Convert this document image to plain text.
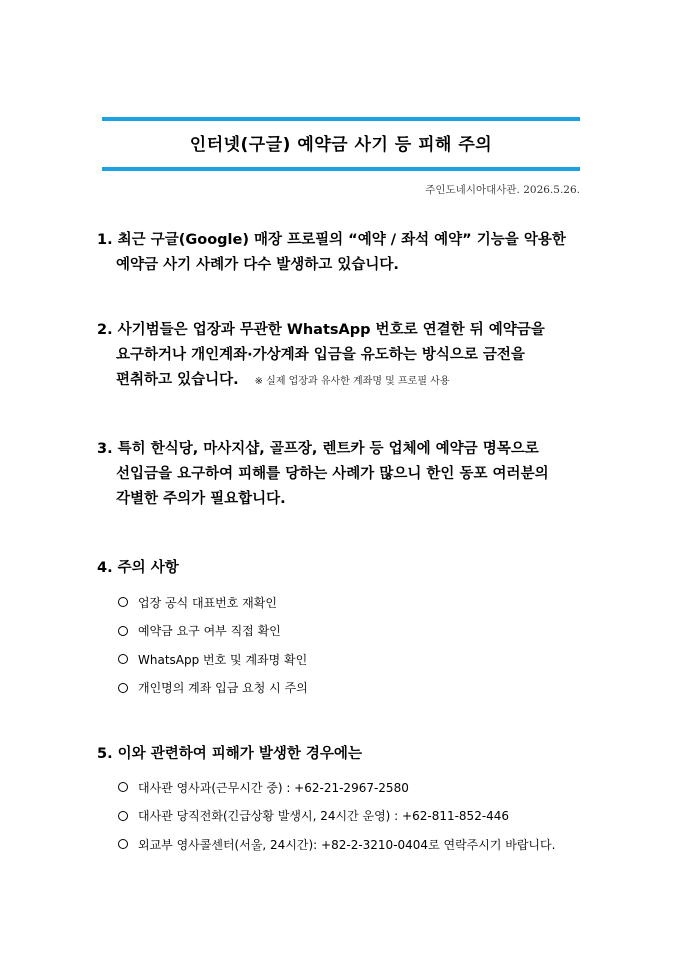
인터넷(구글) 예약금 사기 등 피해 주의
주인도네시아대사관. 2026.5.26.
1. 최근 구글(Google) 매장 프로필의 “예약 / 좌석 예약” 기능을 악용한
예약금 사기 사례가 다수 발생하고 있습니다.
2. 사기범들은 업장과 무관한 WhatsApp 번호로 연결한 뒤 예약금을
요구하거나 개인계좌·가상계좌 입금을 유도하는 방식으로 금전을
편취하고 있습니다. ※ 실제 업장과 유사한 계좌명 및 프로필 사용
3. 특히 한식당, 마사지샵, 골프장, 렌트카 등 업체에 예약금 명목으로
선입금을 요구하여 피해를 당하는 사례가 많으니 한인 동포 여러분의
각별한 주의가 필요합니다.
4. 주의 사항
업장 공식 대표번호 재확인
예약금 요구 여부 직접 확인
WhatsApp 번호 및 계좌명 확인
개인명의 계좌 입금 요청 시 주의
5. 이와 관련하여 피해가 발생한 경우에는
대사관 영사과(근무시간 중) : +62-21-2967-2580
대사관 당직전화(긴급상황 발생시, 24시간 운영) : +62-811-852-446
외교부 영사콜센터(서울, 24시간): +82-2-3210-0404로 연락주시기 바랍니다.
